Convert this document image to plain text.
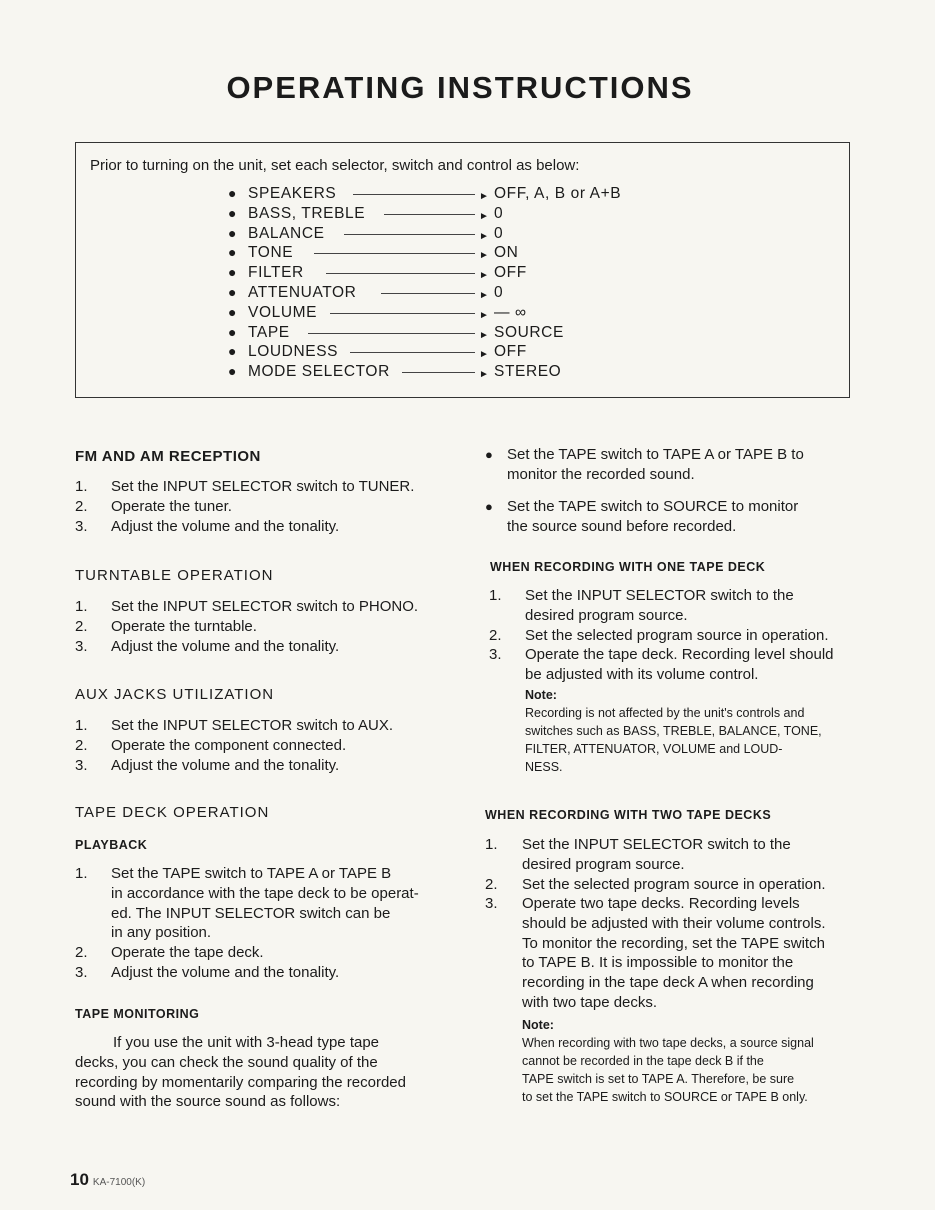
OPERATING INSTRUCTIONS
Prior to turning on the unit, set each selector, switch and control as below:
● SPEAKERS	► OFF, A, B or A+B
● BASS, TREBLE	► 0
● BALANCE	► 0
● TONE	► ON
● FILTER	► OFF
● ATTENUATOR	► 0
● VOLUME	► — ∞
● TAPE	► SOURCE
● LOUDNESS	► OFF
● MODE SELECTOR	► STEREO
FM AND AM RECEPTION
1. Set the INPUT SELECTOR switch to TUNER.
2. Operate the tuner.
3. Adjust the volume and the tonality.
TURNTABLE OPERATION
1. Set the INPUT SELECTOR switch to PHONO.
2. Operate the turntable.
3. Adjust the volume and the tonality.
AUX JACKS UTILIZATION
1. Set the INPUT SELECTOR switch to AUX.
2. Operate the component connected.
3. Adjust the volume and the tonality.
TAPE DECK OPERATION
PLAYBACK
1. Set the TAPE switch to TAPE A or TAPE B
in accordance with the tape deck to be operat-
ed. The INPUT SELECTOR switch can be
in any position.
2. Operate the tape deck.
3. Adjust the volume and the tonality.
TAPE MONITORING
If you use the unit with 3-head type tape
decks, you can check the sound quality of the
recording by momentarily comparing the recorded
sound with the source sound as follows:
● Set the TAPE switch to TAPE A or TAPE B to
monitor the recorded sound.
● Set the TAPE switch to SOURCE to monitor
the source sound before recorded.
WHEN RECORDING WITH ONE TAPE DECK
1. Set the INPUT SELECTOR switch to the
desired program source.
2. Set the selected program source in operation.
3. Operate the tape deck. Recording level should
be adjusted with its volume control.
Note:
Recording is not affected by the unit's controls and
switches such as BASS, TREBLE, BALANCE, TONE,
FILTER, ATTENUATOR, VOLUME and LOUD-
NESS.
WHEN RECORDING WITH TWO TAPE DECKS
1. Set the INPUT SELECTOR switch to the
desired program source.
2. Set the selected program source in operation.
3. Operate two tape decks. Recording levels
should be adjusted with their volume controls.
To monitor the recording, set the TAPE switch
to TAPE B. It is impossible to monitor the
recording in the tape deck A when recording
with two tape decks.
Note:
When recording with two tape decks, a source signal
cannot be recorded in the tape deck B if the
TAPE switch is set to TAPE A. Therefore, be sure
to set the TAPE switch to SOURCE or TAPE B only.
10 KA-7100(K)
